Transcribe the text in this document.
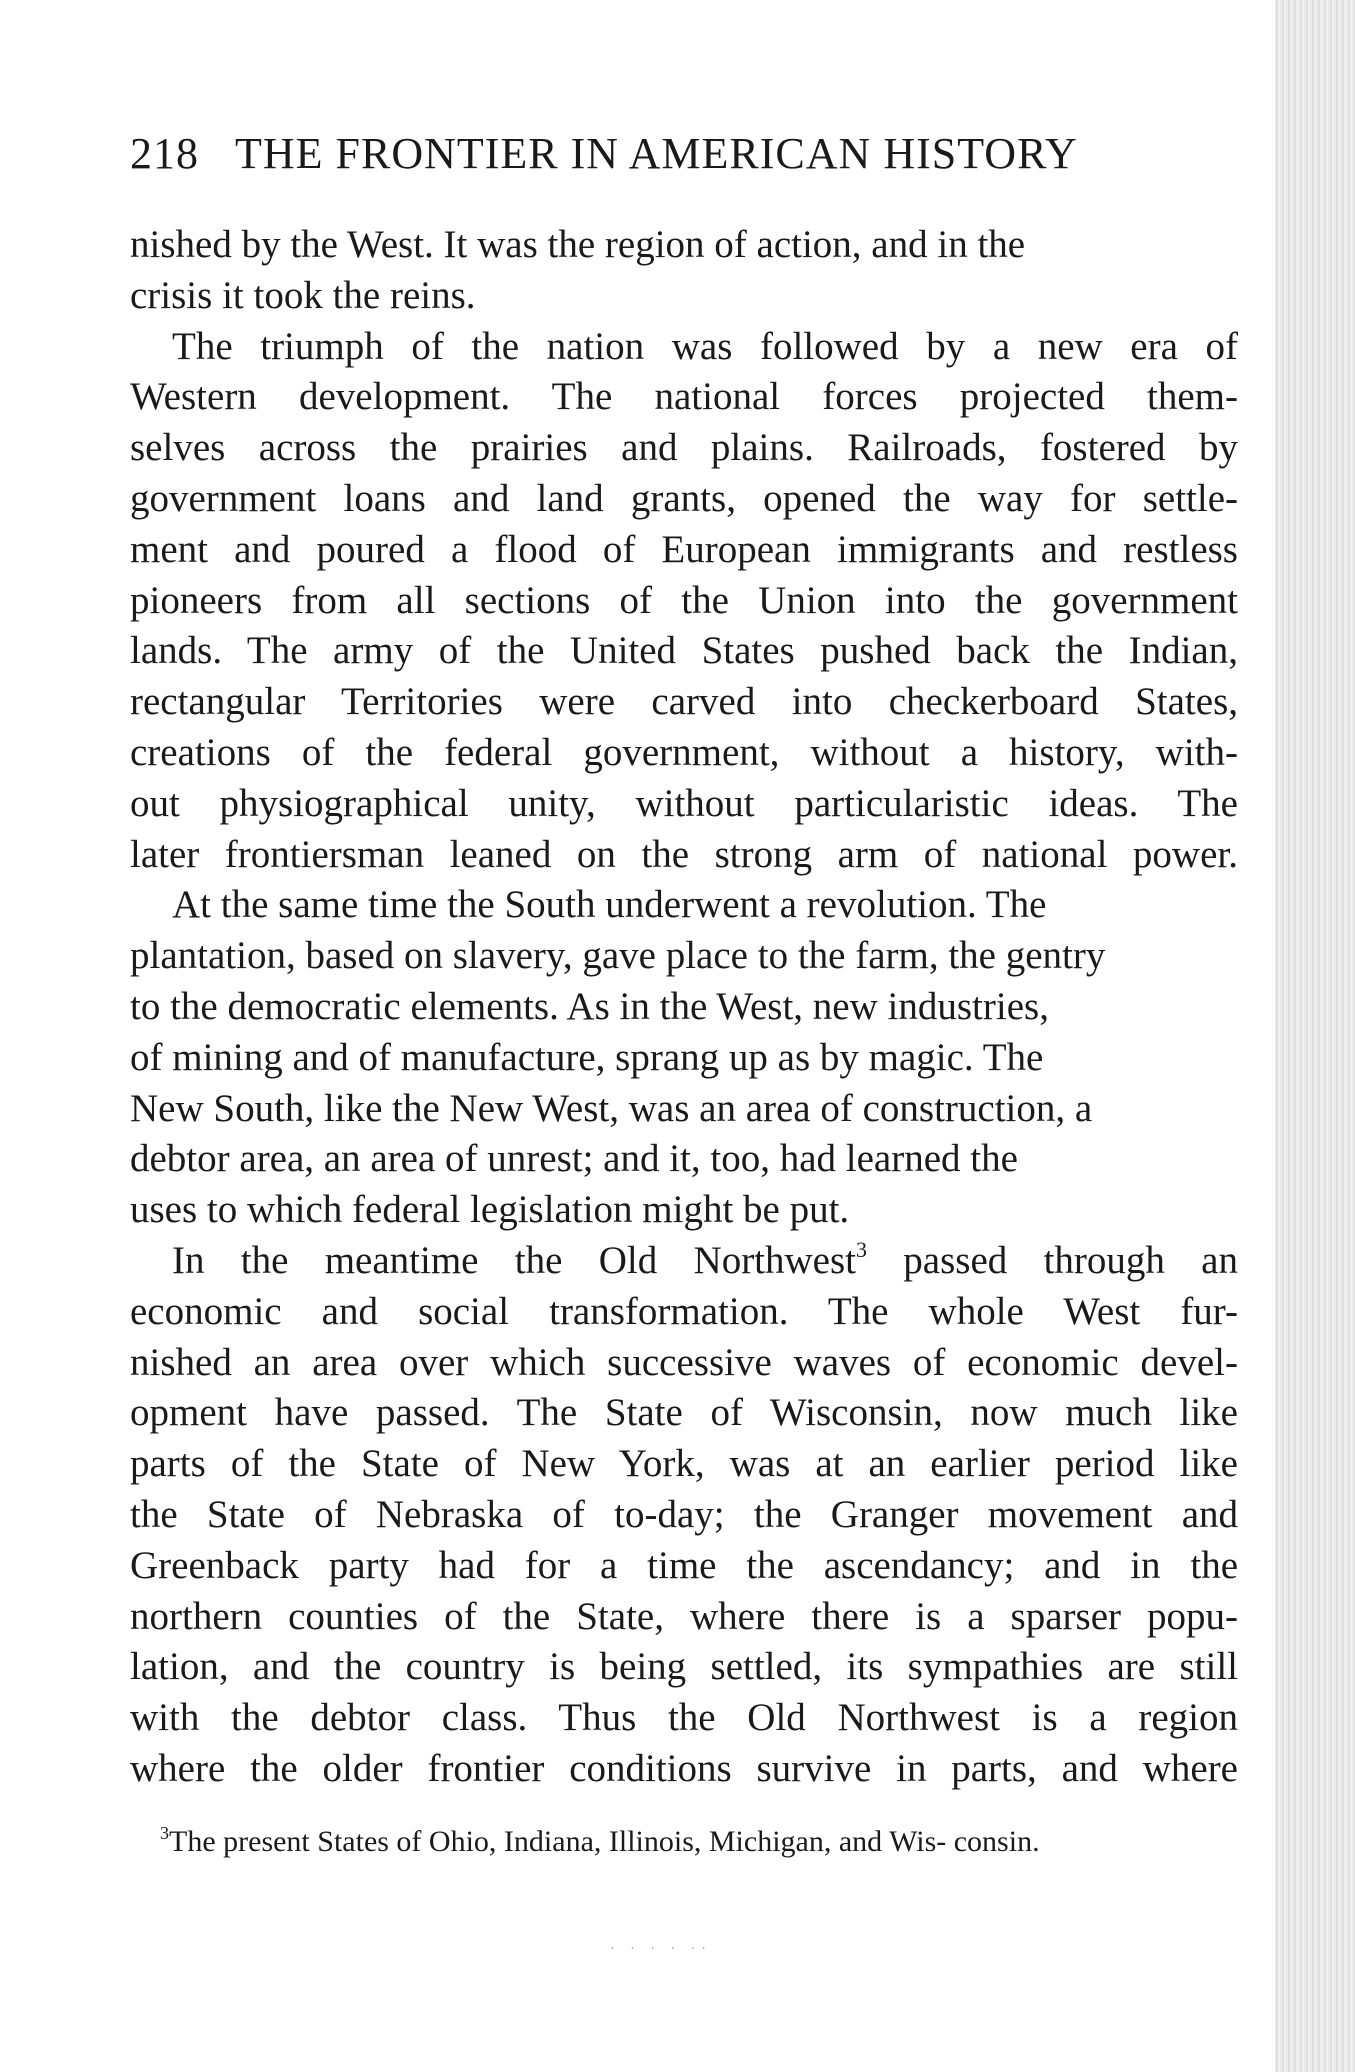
218 THE FRONTIER IN AMERICAN HISTORY

nished by the West. It was the region of action, and in the
crisis it took the reins.

The triumph of the nation was followed by a new era of
Western development. The national forces projected them-
selves across the prairies and plains. Railroads, fostered by
government loans and land grants, opened the way for settle-
ment and poured a flood of European immigrants and restless
pioneers from all sections of the Union into the government
lands. The army of the United States pushed back the Indian,
rectangular Territories were carved into checkerboard States,
creations of the federal government, without a history, with-
out physiographical unity, without particularistic ideas. The
later frontiersman leaned on the strong arm of national power.

At the same time the South underwent a revolution. The
plantation, based on slavery, gave place to the farm, the gentry
to the democratic elements. As in the West, new industries,
of mining and of manufacture, sprang up as by magic. The
New South, like the New West, was an area of construction, a
debtor area, an area of unrest; and it, too, had learned the
uses to which federal legislation might be put.

In the meantime the Old Northwest$^3$ passed through an
economic and social transformation. The whole West fur-
nished an area over which successive waves of economic devel-
opment have passed. The State of Wisconsin, now much like
parts of the State of New York, was at an earlier period like
the State of Nebraska of to-day; the Granger movement and
Greenback party had for a time the ascendancy; and in the
northern counties of the State, where there is a sparser popu-
lation, and the country is being settled, its sympathies are still
with the debtor class. Thus the Old Northwest is a region
where the older frontier conditions survive in parts, and where

$^3$The present States of Ohio, Indiana, Illinois, Michigan, and Wis- consin.

· · · · ··
